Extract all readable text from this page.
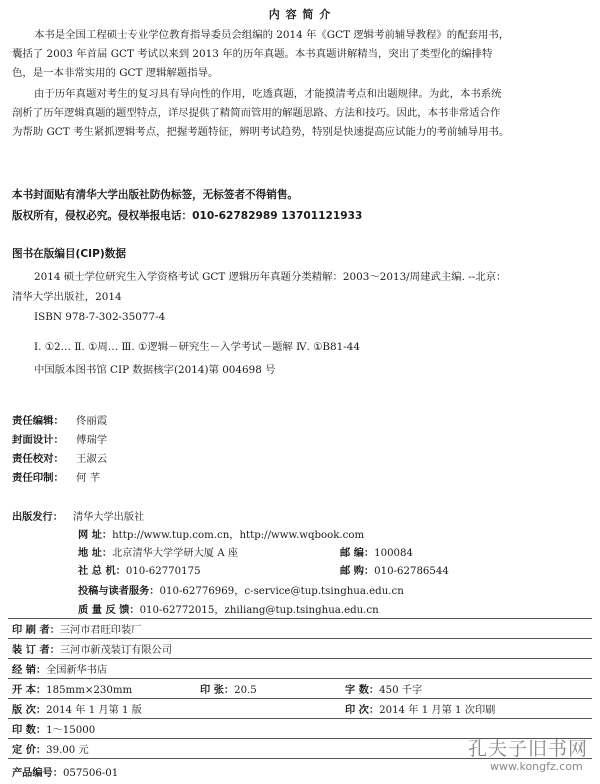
内 容 简 介
本书是全国工程硕士专业学位教育指导委员会组编的 2014 年《GCT 逻辑考前辅导教程》的配套用书，
囊括了 2003 年首届 GCT 考试以来到 2013 年的历年真题。本书真题讲解精当，突出了类型化的编排特
色，是一本非常实用的 GCT 逻辑解题指导。
由于历年真题对考生的复习具有导向性的作用，吃透真题，才能摸清考点和出题规律。为此，本书系统
剖析了历年逻辑真题的题型特点，详尽提供了精简而管用的解题思路、方法和技巧。因此，本书非常适合作
为帮助 GCT 考生紧抓逻辑考点，把握考题特征，辨明考试趋势，特别是快速提高应试能力的考前辅导用书。
本书封面贴有清华大学出版社防伪标签，无标签者不得销售。
版权所有，侵权必究。侵权举报电话：010-62782989 13701121933
图书在版编目(CIP)数据
2014 硕士学位研究生入学资格考试 GCT 逻辑历年真题分类精解：2003～2013/周建武主编. --北京：
清华大学出版社，2014
ISBN 978-7-302-35077-4
Ⅰ. ①2… Ⅱ. ①周… Ⅲ. ①逻辑－研究生－入学考试－题解 Ⅳ. ①B81-44
中国版本图书馆 CIP 数据核字(2014)第 004698 号
责任编辑： 佟丽霞
封面设计： 傅瑞学
责任校对： 王淑云
责任印制： 何 芊
出版发行： 清华大学出版社
网 址：http://www.tup.com.cn，http://www.wqbook.com
地 址：北京清华大学学研大厦 A 座	邮 编：100084
社 总 机：010-62770175	邮 购：010-62786544
投稿与读者服务：010-62776969，c-service@tup.tsinghua.edu.cn
质 量 反 馈：010-62772015，zhiliang@tup.tsinghua.edu.cn
印 刷 者：三河市君旺印装厂
装 订 者：三河市新茂装订有限公司
经 销：全国新华书店
开 本：185mm×230mm	印 张：20.5	字 数：450 千字
版 次：2014 年 1 月第 1 版	印 次：2014 年 1 月第 1 次印刷
印 数：1～15000
定 价：39.00 元
产品编号：057506-01
孔夫子旧书网
www.kongfz.com
